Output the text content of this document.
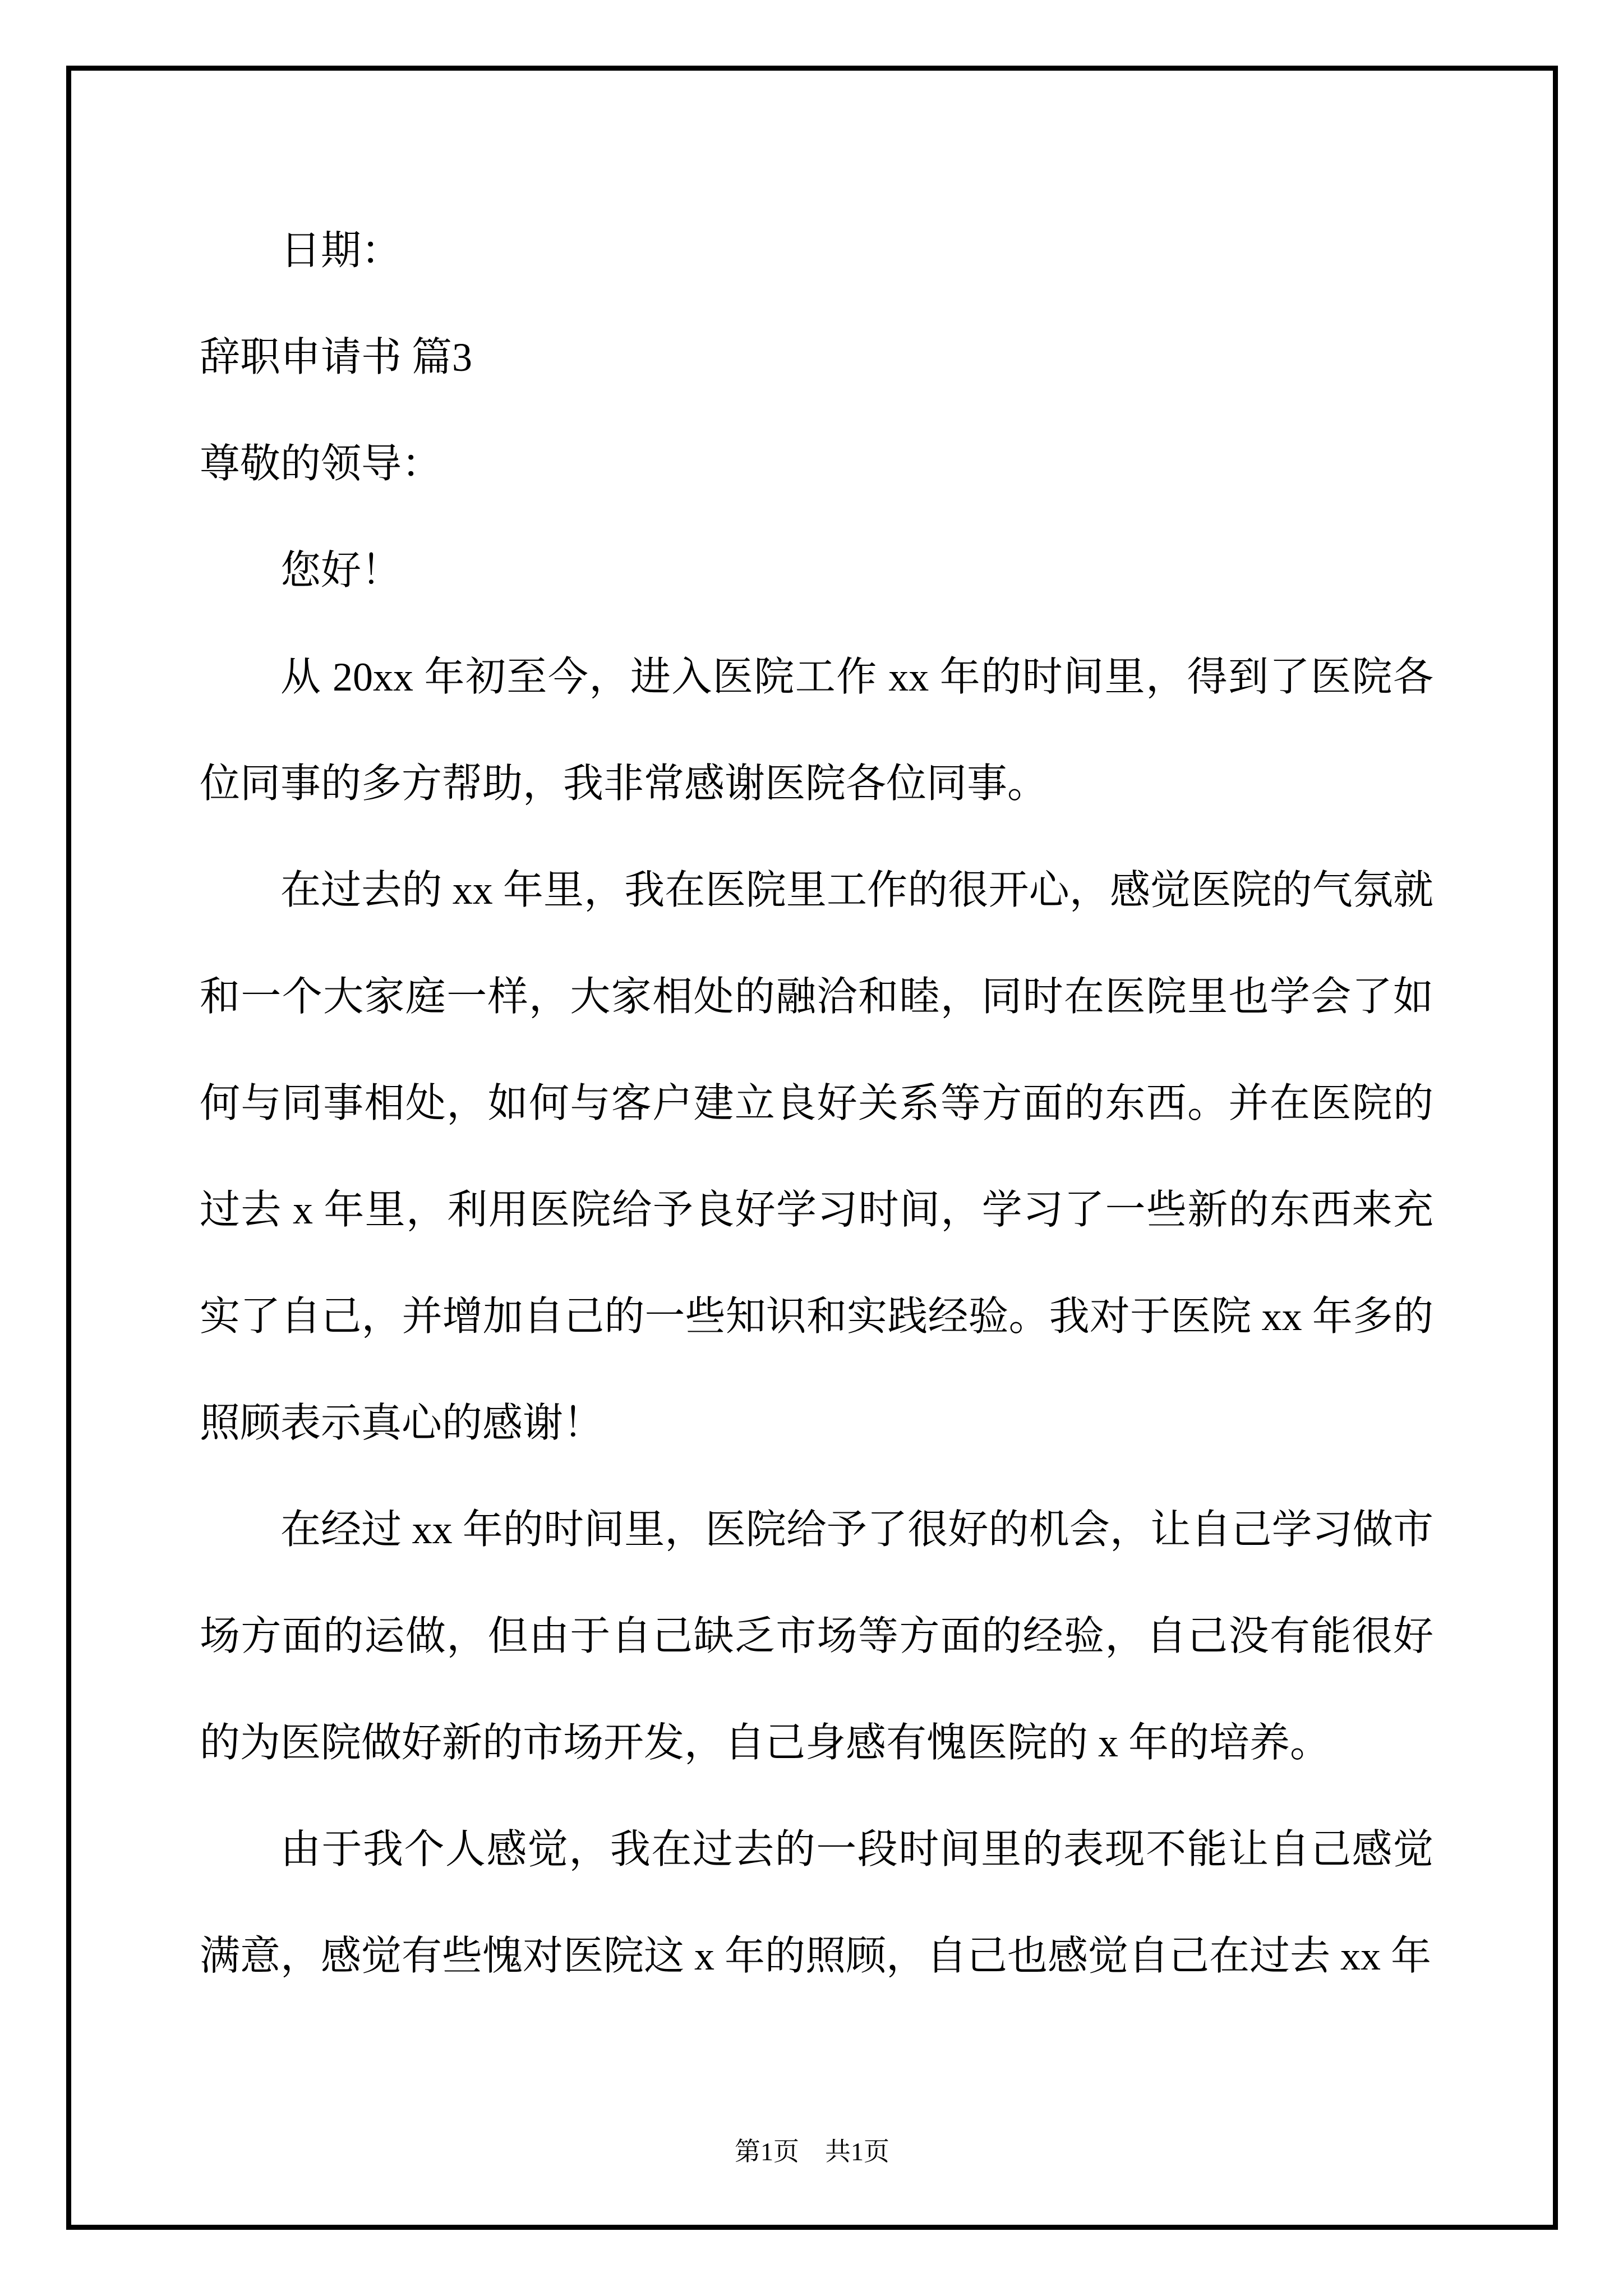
日期：
辞职申请书 篇3
尊敬的领导：
您好！
从 20xx 年初至今，进入医院工作 xx 年的时间里，得到了医院各位同事的多方帮助，我非常感谢医院各位同事。
在过去的 xx 年里，我在医院里工作的很开心，感觉医院的气氛就和一个大家庭一样，大家相处的融洽和睦，同时在医院里也学会了如何与同事相处，如何与客户建立良好关系等方面的东西。并在医院的过去 x 年里，利用医院给予良好学习时间，学习了一些新的东西来充实了自己，并增加自己的一些知识和实践经验。我对于医院 xx 年多的照顾表示真心的感谢！
在经过 xx 年的时间里，医院给予了很好的机会，让自己学习做市场方面的运做，但由于自己缺乏市场等方面的经验，自己没有能很好的为医院做好新的市场开发，自己身感有愧医院的 x 年的培养。
由于我个人感觉，我在过去的一段时间里的表现不能让自己感觉满意，感觉有些愧对医院这 x 年的照顾，自己也感觉自己在过去 xx 年
第1页　共1页
